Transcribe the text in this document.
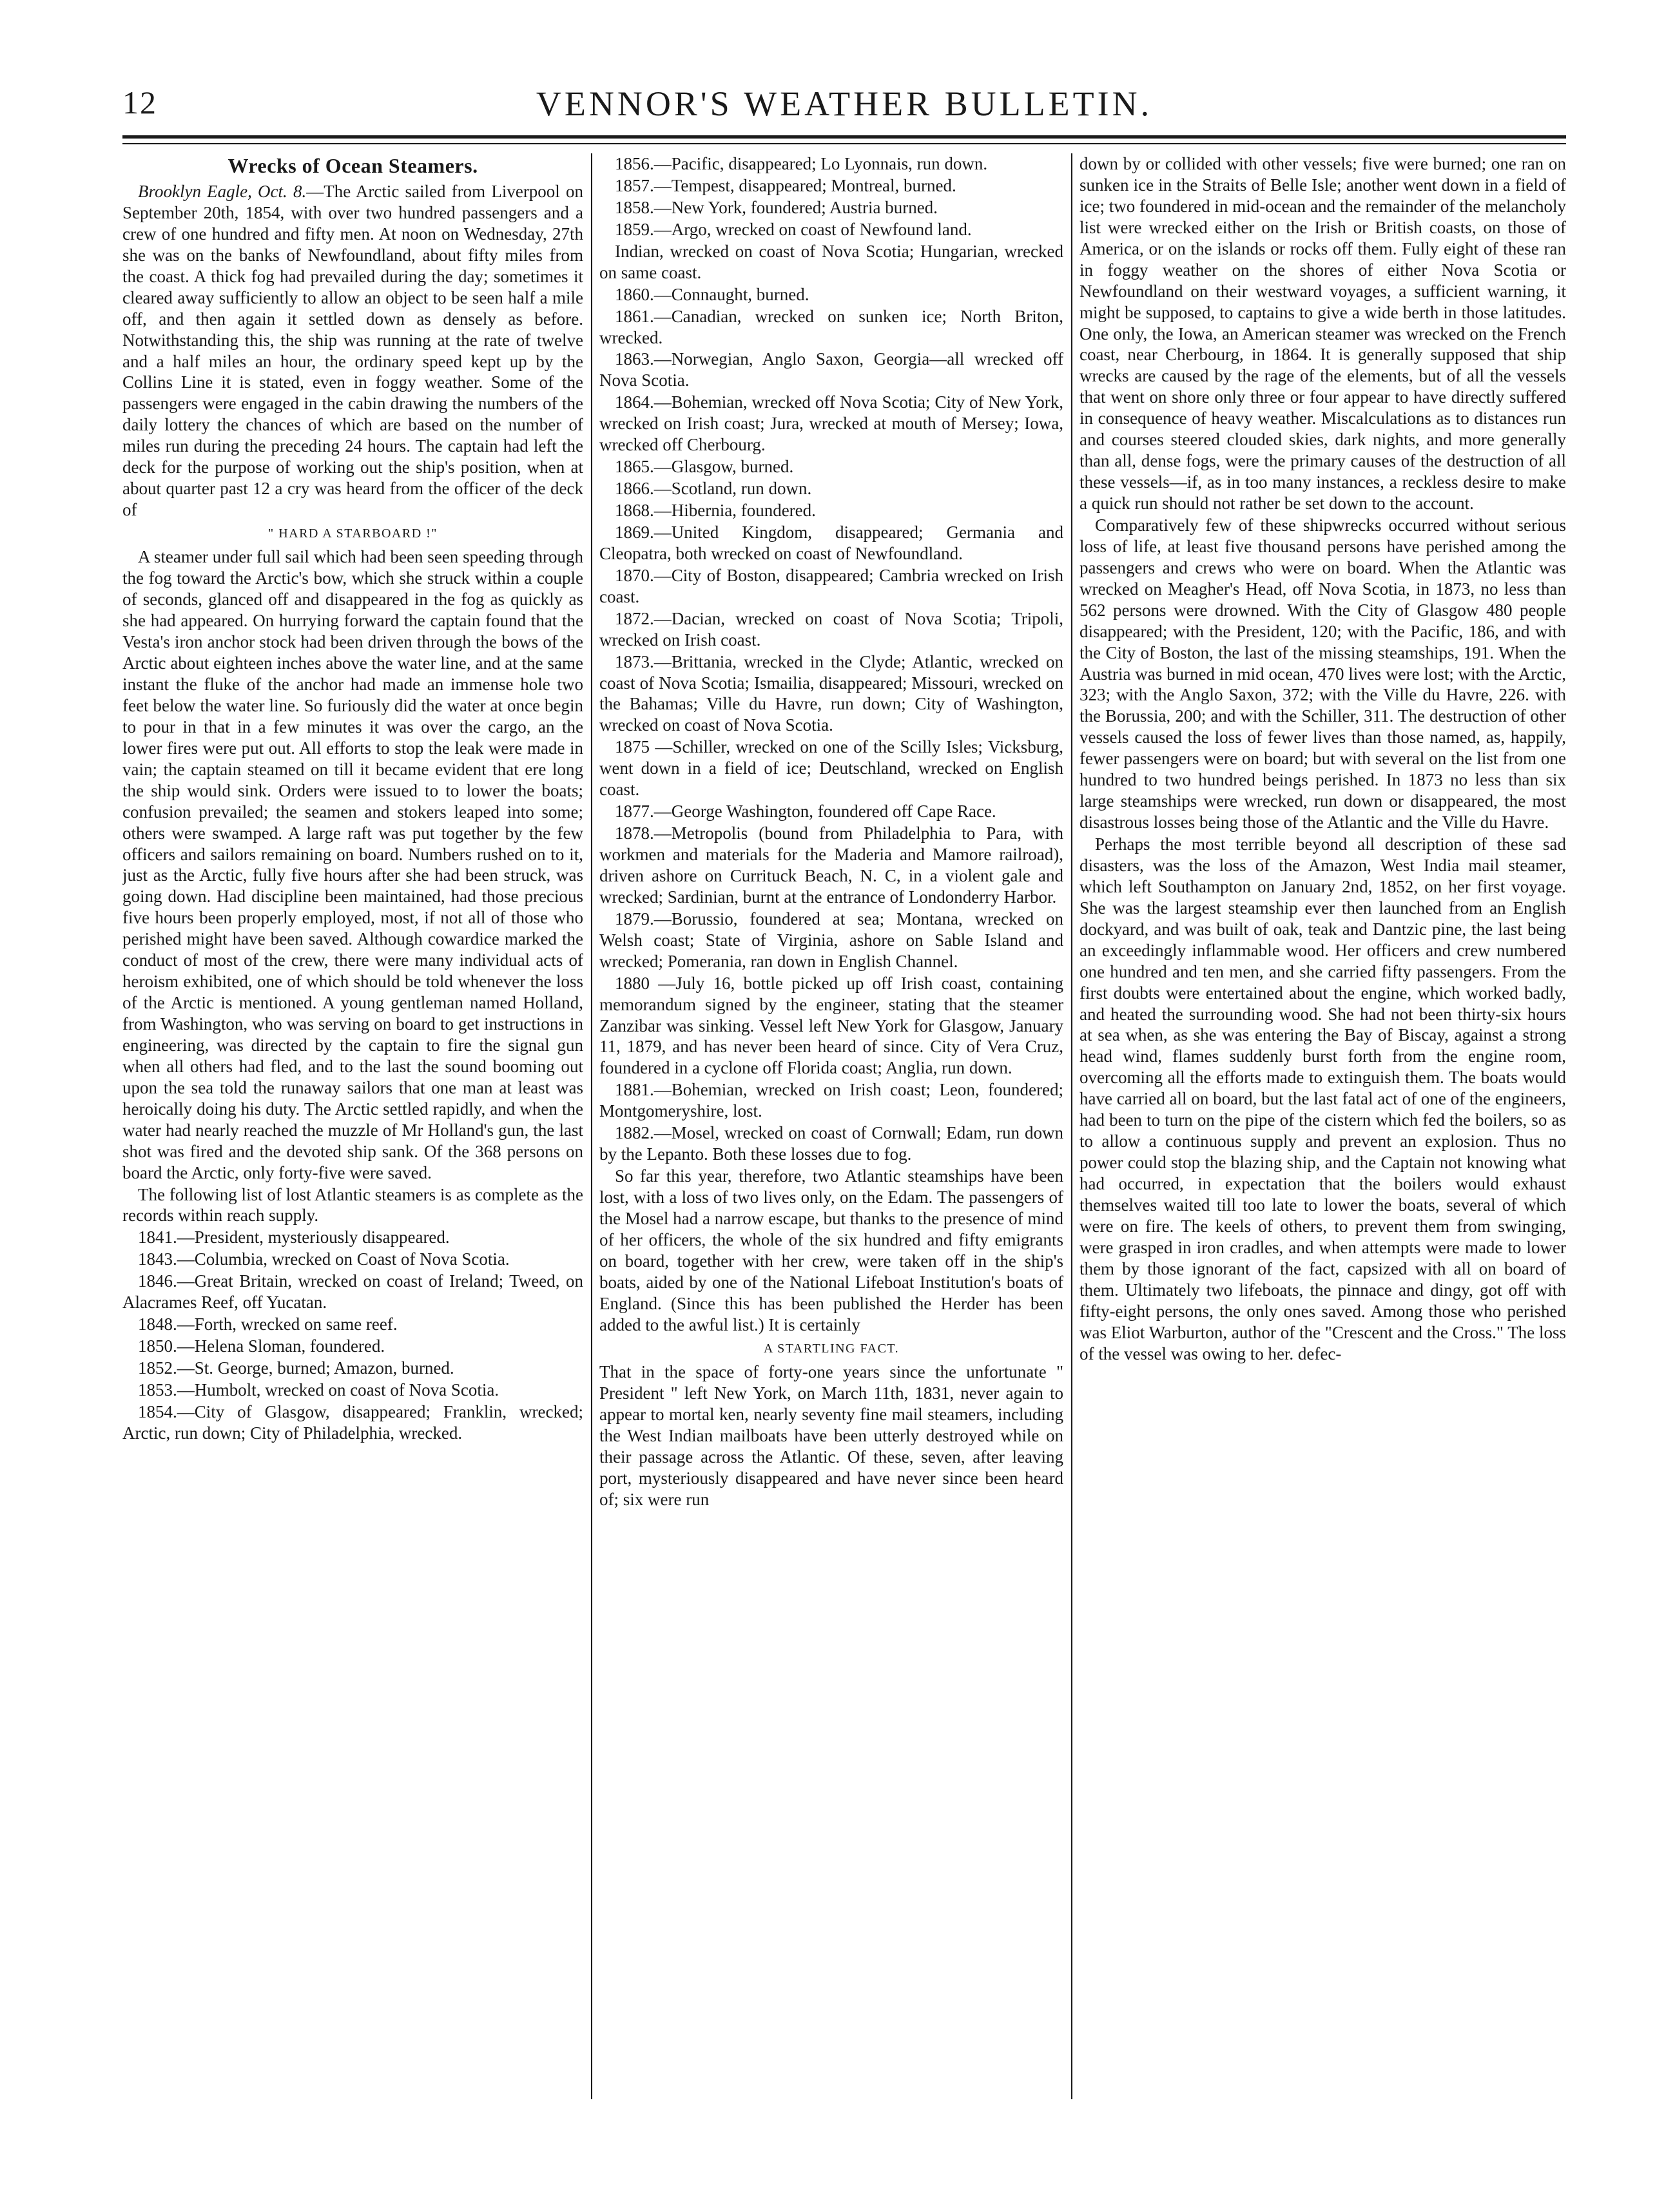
12	VENNOR'S WEATHER BULLETIN.
Wrecks of Ocean Steamers.

Brooklyn Eagle, Oct. 8.—The Arctic sailed from Liverpool on September 20th, 1854, with over two hundred passengers and a crew of one hundred and fifty men. At noon on Wednesday, 27th she was on the banks of Newfoundland, about fifty miles from the coast. A thick fog had prevailed during the day; sometimes it cleared away sufficiently to allow an object to be seen half a mile off, and then again it settled down as densely as before. Notwithstanding this, the ship was running at the rate of twelve and a half miles an hour, the ordinary speed kept up by the Collins Line it is stated, even in foggy weather. Some of the passengers were engaged in the cabin drawing the numbers of the daily lottery the chances of which are based on the number of miles run during the preceding 24 hours. The captain had left the deck for the purpose of working out the ship's position, when at about quarter past 12 a cry was heard from the officer of the deck of

" HARD A STARBOARD !"

A steamer under full sail which had been seen speeding through the fog toward the Arctic's bow, which she struck within a couple of seconds, glanced off and disappeared in the fog as quickly as she had appeared. On hurrying forward the captain found that the Vesta's iron anchor stock had been driven through the bows of the Arctic about eighteen inches above the water line, and at the same instant the fluke of the anchor had made an immense hole two feet below the water line. So furiously did the water at once begin to pour in that in a few minutes it was over the cargo, an the lower fires were put out. All efforts to stop the leak were made in vain; the captain steamed on till it became evident that ere long the ship would sink. Orders were issued to to lower the boats; confusion prevailed; the seamen and stokers leaped into some; others were swamped. A large raft was put together by the few officers and sailors remaining on board. Numbers rushed on to it, just as the Arctic, fully five hours after she had been struck, was going down. Had discipline been maintained, had those precious five hours been properly employed, most, if not all of those who perished might have been saved. Although cowardice marked the conduct of most of the crew, there were many individual acts of heroism exhibited, one of which should be told whenever the loss of the Arctic is mentioned. A young gentleman named Holland, from Washington, who was serving on board to get instructions in engineering, was directed by the captain to fire the signal gun when all others had fled, and to the last the sound booming out upon the sea told the runaway sailors that one man at least was heroically doing his duty. The Arctic settled rapidly, and when the water had nearly reached the muzzle of Mr Holland's gun, the last shot was fired and the devoted ship sank. Of the 368 persons on board the Arctic, only forty-five were saved.

The following list of lost Atlantic steamers is as complete as the records within reach supply.

1841.—President, mysteriously disappeared.

1843.—Columbia, wrecked on Coast of Nova Scotia.

1846.—Great Britain, wrecked on coast of Ireland; Tweed, on Alacrames Reef, off Yucatan.

1848.—Forth, wrecked on same reef.

1850.—Helena Sloman, foundered.

1852.—St. George, burned; Amazon, burned.

1853.—Humbolt, wrecked on coast of Nova Scotia.

1854.—City of Glasgow, disappeared; Franklin, wrecked; Arctic, run down; City of Philadelphia, wrecked.

1856.—Pacific, disappeared; Lo Lyonnais, run down.

1857.—Tempest, disappeared; Montreal, burned.

1858.—New York, foundered; Austria burned.

1859.—Argo, wrecked on coast of Newfound land.

Indian, wrecked on coast of Nova Scotia; Hungarian, wrecked on same coast.

1860.—Connaught, burned.

1861.—Canadian, wrecked on sunken ice; North Briton, wrecked.

1863.—Norwegian, Anglo Saxon, Georgia—all wrecked off Nova Scotia.

1864.—Bohemian, wrecked off Nova Scotia; City of New York, wrecked on Irish coast; Jura, wrecked at mouth of Mersey; Iowa, wrecked off Cherbourg.

1865.—Glasgow, burned.

1866.—Scotland, run down.

1868.—Hibernia, foundered.

1869.—United Kingdom, disappeared; Germania and Cleopatra, both wrecked on coast of Newfoundland.

1870.—City of Boston, disappeared; Cambria wrecked on Irish coast.

1872.—Dacian, wrecked on coast of Nova Scotia; Tripoli, wrecked on Irish coast.

1873.—Brittania, wrecked in the Clyde; Atlantic, wrecked on coast of Nova Scotia; Ismailia, disappeared; Missouri, wrecked on the Bahamas; Ville du Havre, run down; City of Washington, wrecked on coast of Nova Scotia.

1875 —Schiller, wrecked on one of the Scilly Isles; Vicksburg, went down in a field of ice; Deutschland, wrecked on English coast.

1877.—George Washington, foundered off Cape Race.

1878.—Metropolis (bound from Philadelphia to Para, with workmen and materials for the Maderia and Mamore railroad), driven ashore on Currituck Beach, N. C, in a violent gale and wrecked; Sardinian, burnt at the entrance of Londonderry Harbor.

1879.—Borussio, foundered at sea; Montana, wrecked on Welsh coast; State of Virginia, ashore on Sable Island and wrecked; Pomerania, ran down in English Channel.

1880 —July 16, bottle picked up off Irish coast, containing memorandum signed by the engineer, stating that the steamer Zanzibar was sinking. Vessel left New York for Glasgow, January 11, 1879, and has never been heard of since. City of Vera Cruz, foundered in a cyclone off Florida coast; Anglia, run down.

1881.—Bohemian, wrecked on Irish coast; Leon, foundered; Montgomeryshire, lost.

1882.—Mosel, wrecked on coast of Cornwall; Edam, run down by the Lepanto. Both these losses due to fog.

So far this year, therefore, two Atlantic steamships have been lost, with a loss of two lives only, on the Edam. The passengers of the Mosel had a narrow escape, but thanks to the presence of mind of her officers, the whole of the six hundred and fifty emigrants on board, together with her crew, were taken off in the ship's boats, aided by one of the National Lifeboat Institution's boats of England. (Since this has been published the Herder has been added to the awful list.) It is certainly

A STARTLING FACT.

That in the space of forty-one years since the unfortunate " President " left New York, on March 11th, 1831, never again to appear to mortal ken, nearly seventy fine mail steamers, including the West Indian mailboats have been utterly destroyed while on their passage across the Atlantic. Of these, seven, after leaving port, mysteriously disappeared and have never since been heard of; six were run

down by or collided with other vessels; five were burned; one ran on sunken ice in the Straits of Belle Isle; another went down in a field of ice; two foundered in mid-ocean and the remainder of the melancholy list were wrecked either on the Irish or British coasts, on those of America, or on the islands or rocks off them. Fully eight of these ran in foggy weather on the shores of either Nova Scotia or Newfoundland on their westward voyages, a sufficient warning, it might be supposed, to captains to give a wide berth in those latitudes. One only, the Iowa, an American steamer was wrecked on the French coast, near Cherbourg, in 1864. It is generally supposed that ship wrecks are caused by the rage of the elements, but of all the vessels that went on shore only three or four appear to have directly suffered in consequence of heavy weather. Miscalculations as to distances run and courses steered clouded skies, dark nights, and more generally than all, dense fogs, were the primary causes of the destruction of all these vessels—if, as in too many instances, a reckless desire to make a quick run should not rather be set down to the account.

Comparatively few of these shipwrecks occurred without serious loss of life, at least five thousand persons have perished among the passengers and crews who were on board. When the Atlantic was wrecked on Meagher's Head, off Nova Scotia, in 1873, no less than 562 persons were drowned. With the City of Glasgow 480 people disappeared; with the President, 120; with the Pacific, 186, and with the City of Boston, the last of the missing steamships, 191. When the Austria was burned in mid ocean, 470 lives were lost; with the Arctic, 323; with the Anglo Saxon, 372; with the Ville du Havre, 226. with the Borussia, 200; and with the Schiller, 311. The destruction of other vessels caused the loss of fewer lives than those named, as, happily, fewer passengers were on board; but with several on the list from one hundred to two hundred beings perished. In 1873 no less than six large steamships were wrecked, run down or disappeared, the most disastrous losses being those of the Atlantic and the Ville du Havre.

Perhaps the most terrible beyond all description of these sad disasters, was the loss of the Amazon, West India mail steamer, which left Southampton on January 2nd, 1852, on her first voyage. She was the largest steamship ever then launched from an English dockyard, and was built of oak, teak and Dantzic pine, the last being an exceedingly inflammable wood. Her officers and crew numbered one hundred and ten men, and she carried fifty passengers. From the first doubts were entertained about the engine, which worked badly, and heated the surrounding wood. She had not been thirty-six hours at sea when, as she was entering the Bay of Biscay, against a strong head wind, flames suddenly burst forth from the engine room, overcoming all the efforts made to extinguish them. The boats would have carried all on board, but the last fatal act of one of the engineers, had been to turn on the pipe of the cistern which fed the boilers, so as to allow a continuous supply and prevent an explosion. Thus no power could stop the blazing ship, and the Captain not knowing what had occurred, in expectation that the boilers would exhaust themselves waited till too late to lower the boats, several of which were on fire. The keels of others, to prevent them from swinging, were grasped in iron cradles, and when attempts were made to lower them by those ignorant of the fact, capsized with all on board of them. Ultimately two lifeboats, the pinnace and dingy, got off with fifty-eight persons, the only ones saved. Among those who perished was Eliot Warburton, author of the "Crescent and the Cross." The loss of the vessel was owing to her. defec-
